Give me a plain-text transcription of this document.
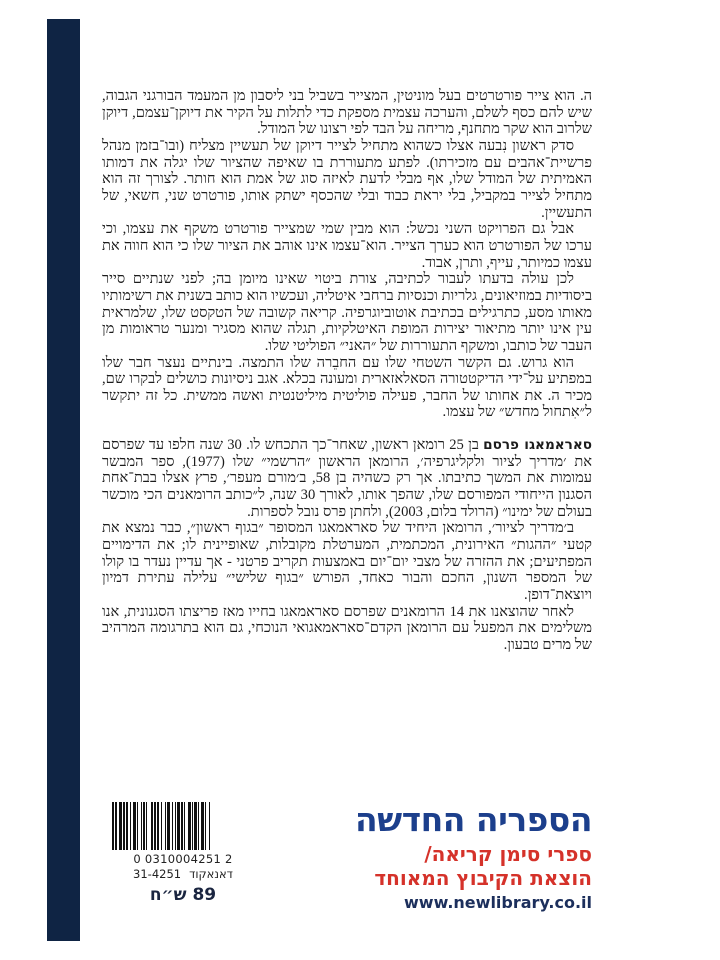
ה. הוא צייר פורטרטים בעל מוניטין, המצייר בשביל בני ליסבון מן המעמד הבורגני הגבוה, שיש להם כסף לשלם, והערכה עצמית מספקת כדי לתלות על הקיר את דיוקן־עצמם, דיוקן שלרוב הוא שקר מתחנף, מריחה על הבד לפי רצונו של המודל.

סדק ראשון נִבעה אצלו כשהוא מתחיל לצייר דיוקן של תעשיין מצליח (ובו־בזמן מנהל פרשיית־אהבים עם מזכירתו). לפתע מתעוררת בו שאיפה שהציור שלו יגלה את דמותו האמיתית של המודל שלו, אף מבלי לדעת לאיזה סוג של אמת הוא חותר. לצורך זה הוא מתחיל לצייר במקביל, בלי יראת כבוד ובלי שהכסף ישתק אותו, פורטרט שני, חשאי, של התעשיין.

אבל גם הפרויקט השני נכשל: הוא מבין שמי שמצייר פורטרט משקף את עצמו, וכי ערכו של הפורטרט הוא כערך הצייר. הוא־עצמו אינו אוהב את הציור שלו כי הוא חווה את עצמו כמיותר, עייף, ותרן, אבוד.

לכן עולה בדעתו לעבור לכתיבה, צורת ביטוי שאינו מיומן בה; לפני שנתיים סייר ביסודיות במוזיאונים, גלריות וכנסיות ברחבי איטליה, ועכשיו הוא כותב בשנית את רשימותיו מאותו מסע, כתרגילים בכתיבת אוטוביוגרפיה. קריאה קשובה של הטקסט שלו, שלמראית עין אינו יותר מתיאור יצירות המופת האיטלקיות, תגלה שהוא מסגיר ומנער טראומות מן העבר של כותבו, ומשקף התעוררות של ״האני״ הפוליטי שלו.

הוא גרוש. גם הקשר השטחי שלו עם החבֵרה שלו התמצה. בינתיים נעצר חבר שלו במפתיע על־ידי הדיקטטורה הסאלאזארית ומעונה בכלא. אגב ניסיונות כושלים לבקרו שם, מכיר ה. את אחותו של החבר, פעילה פוליטית מיליטנטית ואשה ממשית. כל זה יתקשר ל״אִתחול מחדש״ של עצמו.

סאראמאגו פרסם בן 25 רומאן ראשון, שאחר־כך התכחש לו. 30 שנה חלפו עד שפרסם את ׳מדריך לציור ולקליגרפיה׳, הרומאן הראשון ״הרשמי״ שלו (1977), ספר המבשר עמומות את המשך כתיבתו. אך רק כשהיה בן 58, ב׳מורם מעפר׳, פרץ אצלו בבת־אחת הסגנון הייחודי המפורסם שלו, שהפך אותו, לאורך 30 שנה, ל״כותב הרומאנים הכי מוכשר בעולם של ימינו״ (הרולד בלום, 2003), ולחתן פרס נובל לספרות.

ב׳מדריך לציור׳, הרומאן היחיד של סאראמאגו המסופר ״בגוף ראשון״, כבר נמצא את קטעי ״ההגות״ האירונית, המכתמית, המערטלת מקובלות, שאופיינית לו; את הדימויים המפתיעים; את ההזרה של מצבי יום־יום באמצעות תקריב פרטני - אך עדיין נעדר בו קולו של המספר השנון, החכם והבור כאחד, הפורש ״בגוף שלישי״ עלילה עתירת דמיון ויוצאת־דופן.

לאחר שהוצאנו את 14 הרומאנים שפרסם סאראמאגו בחייו מאז פריצתו הסגנונית, אנו משלימים את המפעל עם הרומאן הקדם־סאראמאגואי הנוכחי, גם הוא בתרגומה המרהיב של מרים טבעון.

0 0310004251 2
דאנאקוד31-4251
89 ש״ח
הספריה החדשה
ספרי סימן קריאה/
הוצאת הקיבוץ המאוחד
www.newlibrary.co.il
